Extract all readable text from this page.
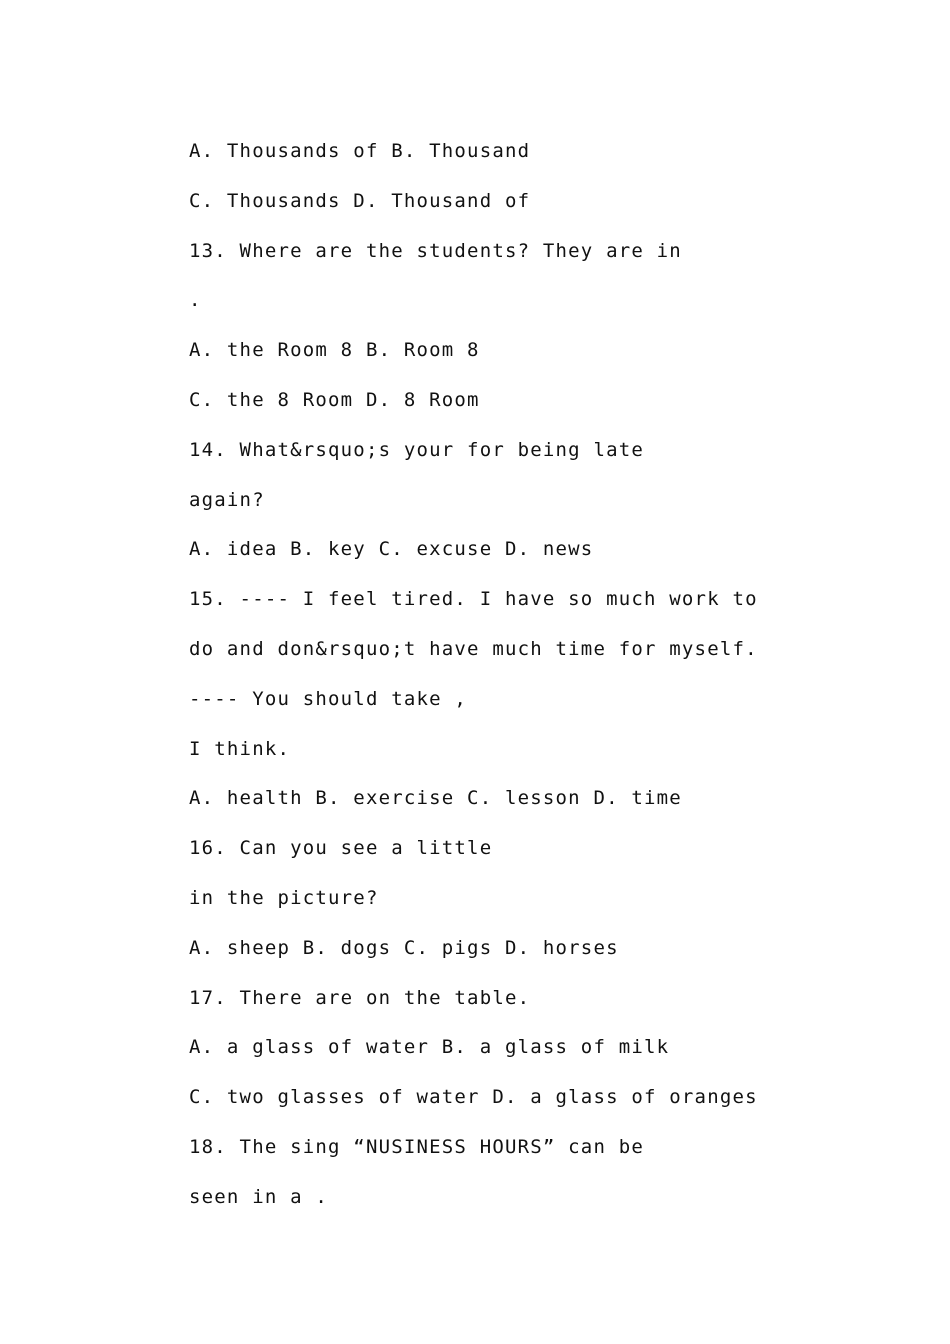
A. Thousands of B. Thousand
C. Thousands D. Thousand of
13. Where are the students? They are in
.
A. the Room 8 B. Room 8
C. the 8 Room D. 8 Room
14. What&rsquo;s your for being late
again?
A. idea B. key C. excuse D. news
15. ---- I feel tired. I have so much work to
do and don&rsquo;t have much time for myself.
---- You should take ,
I think.
A. health B. exercise C. lesson D. time
16. Can you see a little
in the picture?
A. sheep B. dogs C. pigs D. horses
17. There are on the table.
A. a glass of water B. a glass of milk
C. two glasses of water D. a glass of oranges
18. The sing “NUSINESS HOURS” can be
seen in a .
